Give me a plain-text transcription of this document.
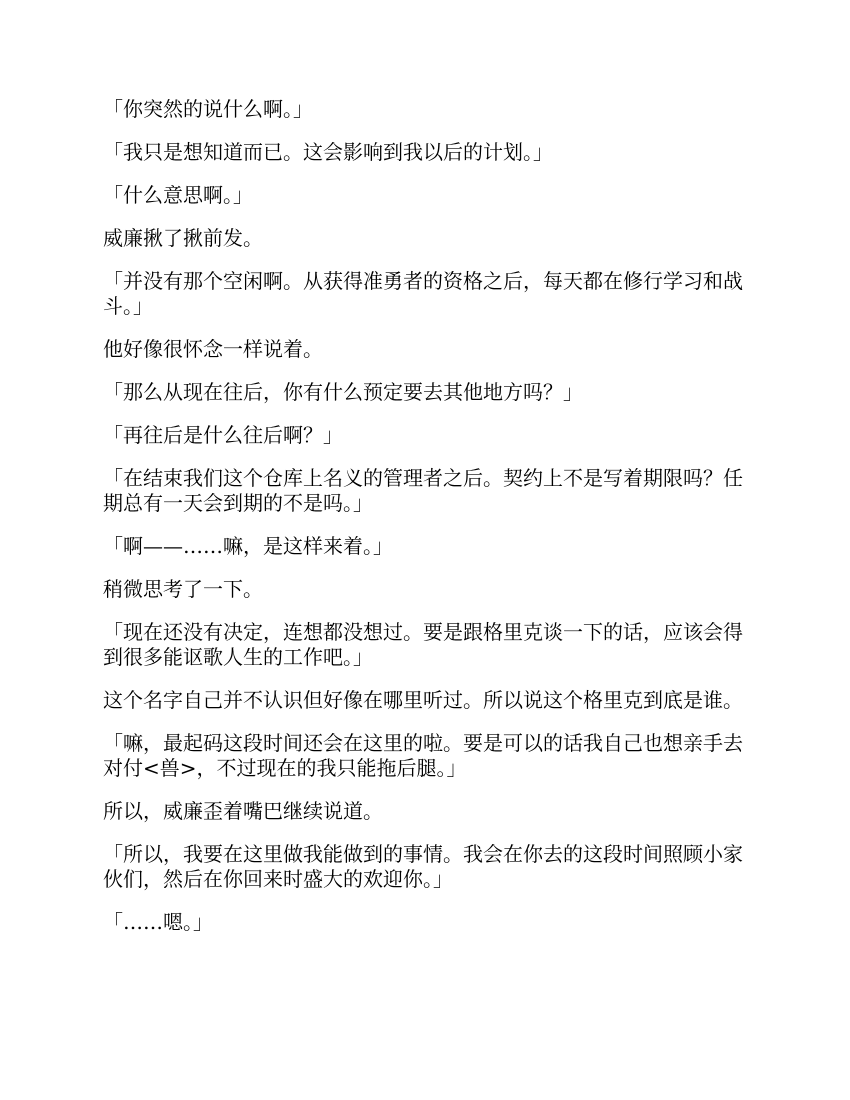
「你突然的说什么啊。」

「我只是想知道而已。这会影响到我以后的计划。」

「什么意思啊。」

威廉揪了揪前发。

「并没有那个空闲啊。从获得准勇者的资格之后，每天都在修行学习和战斗。」

他好像很怀念一样说着。

「那么从现在往后，你有什么预定要去其他地方吗？」

「再往后是什么往后啊？」

「在结束我们这个仓库上名义的管理者之后。契约上不是写着期限吗？任期总有一天会到期的不是吗。」

「啊——……嘛，是这样来着。」

稍微思考了一下。

「现在还没有决定，连想都没想过。要是跟格里克谈一下的话，应该会得到很多能讴歌人生的工作吧。」

这个名字自己并不认识但好像在哪里听过。所以说这个格里克到底是谁。

「嘛，最起码这段时间还会在这里的啦。要是可以的话我自己也想亲手去对付<兽>，不过现在的我只能拖后腿。」

所以，威廉歪着嘴巴继续说道。

「所以，我要在这里做我能做到的事情。我会在你去的这段时间照顾小家伙们，然后在你回来时盛大的欢迎你。」

「……嗯。」
